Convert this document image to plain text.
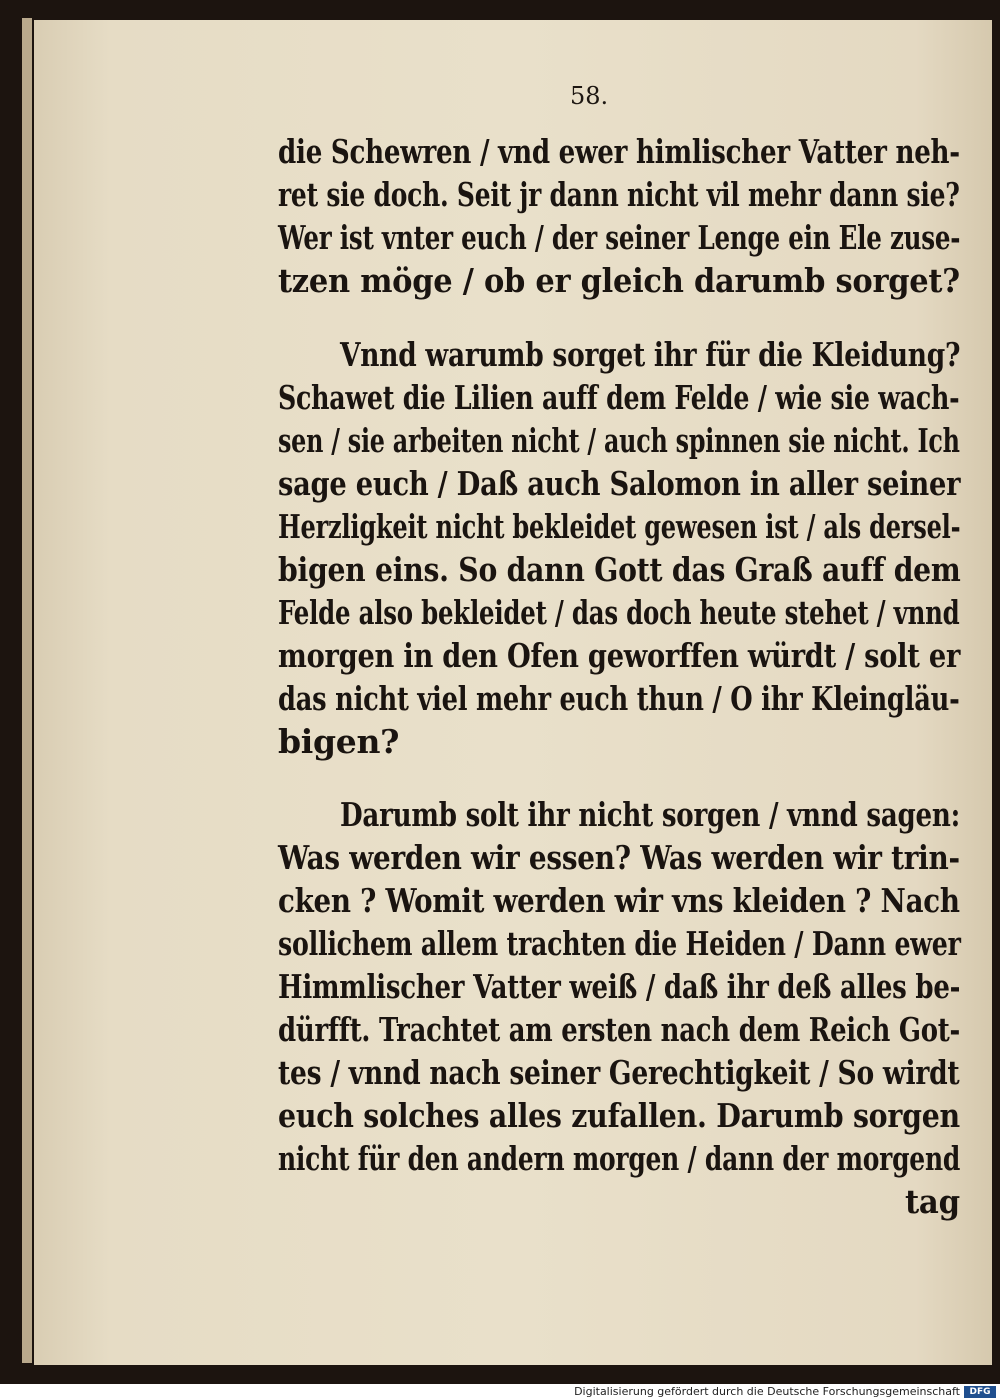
58.
die Schewren / vnd ewer himlischer Vatter neh-
ret sie doch. Seit jr dann nicht vil mehr dann sie?
Wer ist vnter euch / der seiner Lenge ein Ele zuse-
tzen möge / ob er gleich darumb sorget?
Vnnd warumb sorget ihr für die Kleidung?
Schawet die Lilien auff dem Felde / wie sie wach-
sen / sie arbeiten nicht / auch spinnen sie nicht. Ich
sage euch / Daß auch Salomon in aller seiner
Herzligkeit nicht bekleidet gewesen ist / als dersel-
bigen eins. So dann Gott das Graß auff dem
Felde also bekleidet / das doch heute stehet / vnnd
morgen in den Ofen geworffen würdt / solt er
das nicht viel mehr euch thun / O ihr Kleingläu-
bigen?
Darumb solt ihr nicht sorgen / vnnd sagen:
Was werden wir essen? Was werden wir trin-
cken ? Womit werden wir vns kleiden ? Nach
sollichem allem trachten die Heiden / Dann ewer
Himmlischer Vatter weiß / daß ihr deß alles be-
dürfft. Trachtet am ersten nach dem Reich Got-
tes / vnnd nach seiner Gerechtigkeit / So wirdt
euch solches alles zufallen. Darumb sorgen
nicht für den andern morgen / dann der morgend
tag
Digitalisierung gefördert durch die Deutsche Forschungsgemeinschaft	DFG
